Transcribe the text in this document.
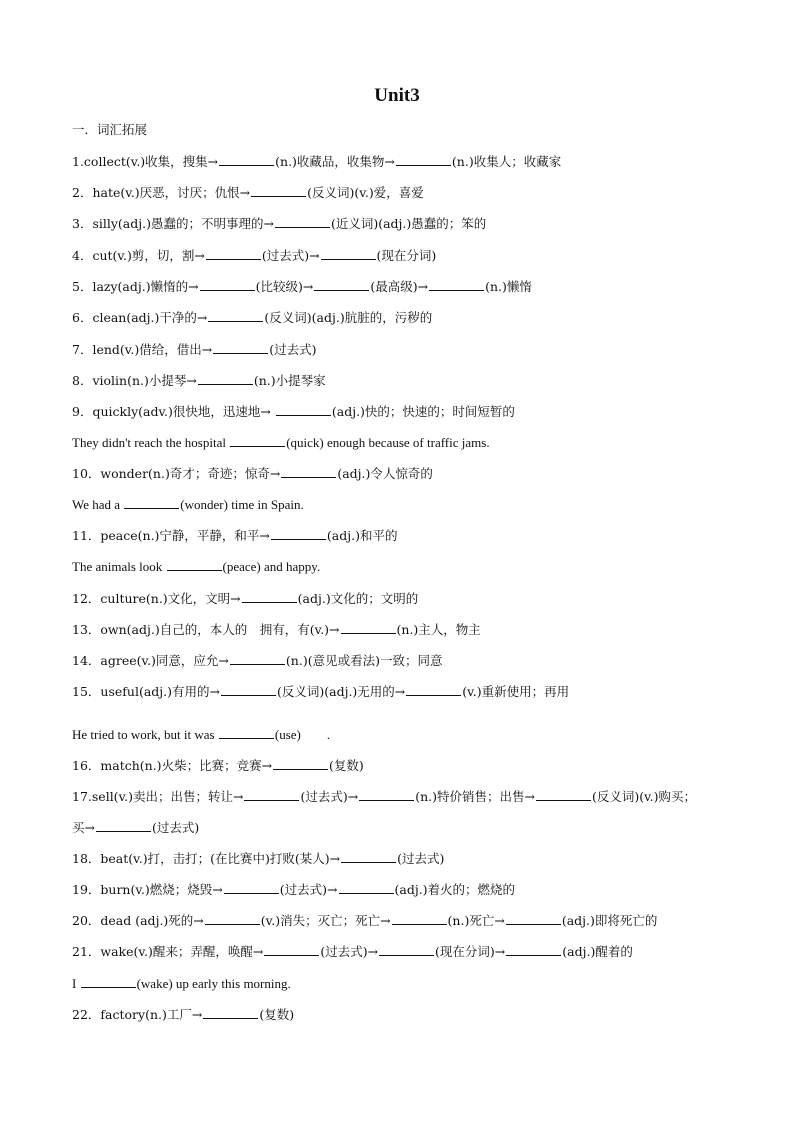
Unit3
一．词汇拓展
1.collect(v.)收集，搜集→	(n.)收藏品，收集物→	(n.)收集人；收藏家
2．hate(v.)厌恶，讨厌；仇恨→	(反义词)(v.)爱，喜爱
3．silly(adj.)愚蠢的；不明事理的→	(近义词)(adj.)愚蠢的；笨的
4．cut(v.)剪，切，割→	(过去式)→	(现在分词)
5．lazy(adj.)懒惰的→	(比较级)→	(最高级)→	(n.)懒惰
6．clean(adj.)干净的→	(反义词)(adj.)肮脏的，污秽的
7．lend(v.)借给，借出→	(过去式)
8．violin(n.)小提琴→	(n.)小提琴家
9．quickly(adv.)很快地，迅速地→	(adj.)快的；快速的；时间短暂的
They didn't reach the hospital	(quick) enough because of traffic jams.
10．wonder(n.)奇才；奇迹；惊奇→	(adj.)令人惊奇的
We had a	(wonder) time in Spain.
11．peace(n.)宁静，平静，和平→	(adj.)和平的
The animals look	(peace) and happy.
12．culture(n.)文化，文明→	(adj.)文化的；文明的
13．own(adj.)自己的，本人的　拥有，有(v.)→	(n.)主人，物主
14．agree(v.)同意，应允→	(n.)(意见或看法)一致；同意
15．useful(adj.)有用的→	(反义词)(adj.)无用的→	(v.)重新使用；再用
He tried to work, but it was	(use)　　.
16．match(n.)火柴；比赛；竞赛→	(复数)
17.sell(v.)卖出；出售；转让→	(过去式)→	(n.)特价销售；出售→	(反义词)(v.)购买；
买→	(过去式)
18．beat(v.)打，击打；(在比赛中)打败(某人)→	(过去式)
19．burn(v.)燃烧；烧毁→	(过去式)→	(adj.)着火的；燃烧的
20．dead (adj.)死的→	(v.)消失；灭亡；死亡→	(n.)死亡→	(adj.)即将死亡的
21．wake(v.)醒来；弄醒，唤醒→	(过去式)→	(现在分词)→	(adj.)醒着的
I	(wake) up early this morning.
22．factory(n.)工厂→	(复数)
